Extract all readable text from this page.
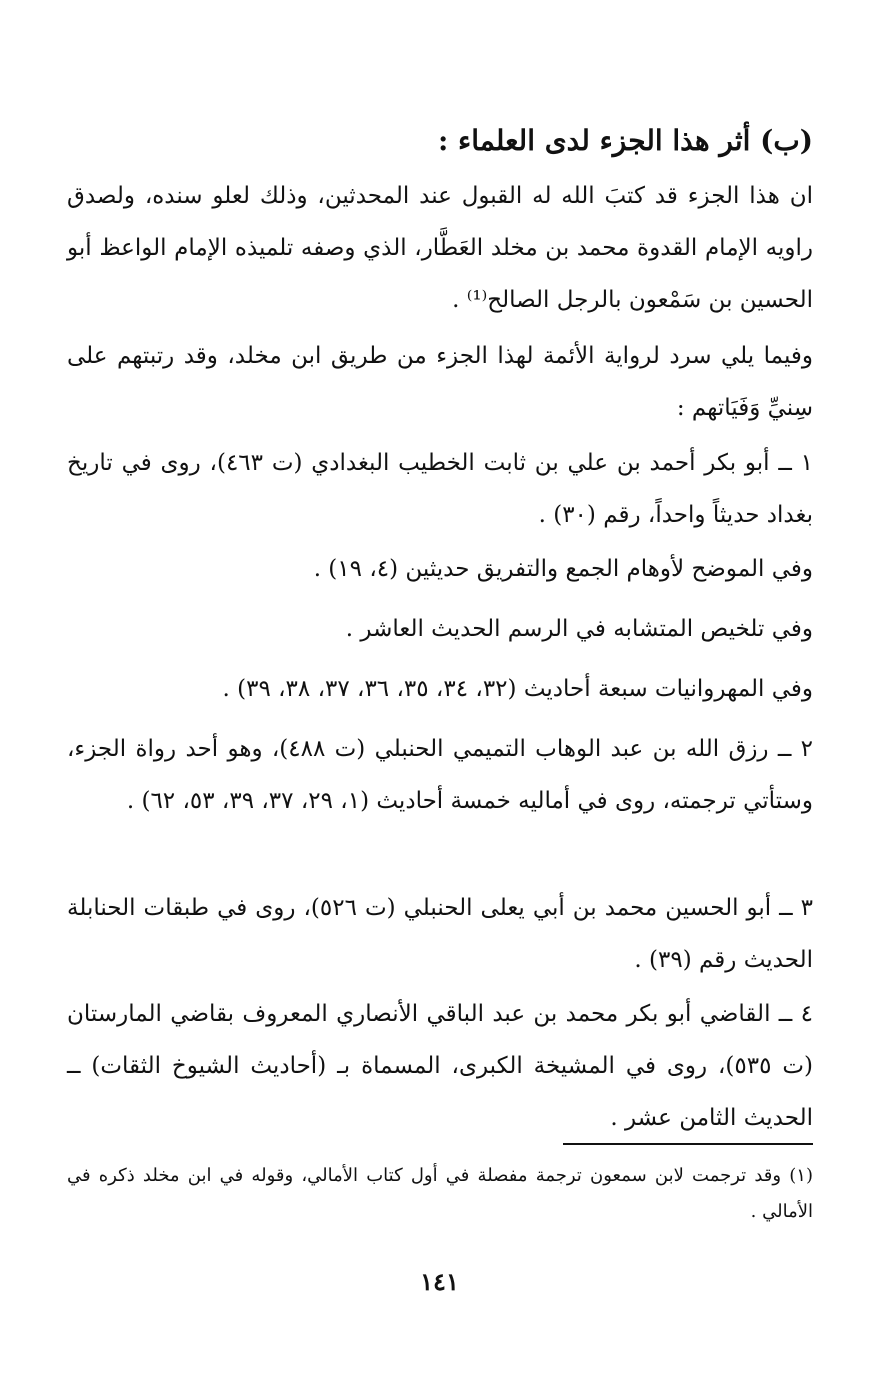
(ب) أثر هذا الجزء لدى العلماء :

ان هذا الجزء قد كتبَ الله له القبول عند المحدثين، وذلك لعلو سنده، ولصدق راويه الإمام القدوة محمد بن مخلد العَطَّار، الذي وصفه تلميذه الإمام الواعظ أبو الحسين بن سَمْعون بالرجل الصالح⁽¹⁾ .

وفيما يلي سرد لرواية الأئمة لهذا الجزء من طريق ابن مخلد، وقد رتبتهم على سِنيِّ وَفَيَاتهم :

١ ــ أبو بكر أحمد بن علي بن ثابت الخطيب البغدادي (ت ٤٦٣)، روى في تاريخ بغداد حديثاً واحداً، رقم (٣٠) .

وفي الموضح لأوهام الجمع والتفريق حديثين (٤، ١٩) .

وفي تلخيص المتشابه في الرسم الحديث العاشر .

وفي المهروانيات سبعة أحاديث (٣٢، ٣٤، ٣٥، ٣٦، ٣٧، ٣٨، ٣٩) .

٢ ــ رزق الله بن عبد الوهاب التميمي الحنبلي (ت ٤٨٨)، وهو أحد رواة الجزء، وستأتي ترجمته، روى في أماليه خمسة أحاديث (١، ٢٩، ٣٧، ٣٩، ٥٣، ٦٢) .

٣ ــ أبو الحسين محمد بن أبي يعلى الحنبلي (ت ٥٢٦)، روى في طبقات الحنابلة الحديث رقم (٣٩) .

٤ ــ القاضي أبو بكر محمد بن عبد الباقي الأنصاري المعروف بقاضي المارستان (ت ٥٣٥)، روى في المشيخة الكبرى، المسماة بـ (أحاديث الشيوخ الثقات) ــ الحديث الثامن عشر .

(١) وقد ترجمت لابن سمعون ترجمة مفصلة في أول كتاب الأمالي، وقوله في ابن مخلد ذكره في الأمالي .
١٤١
